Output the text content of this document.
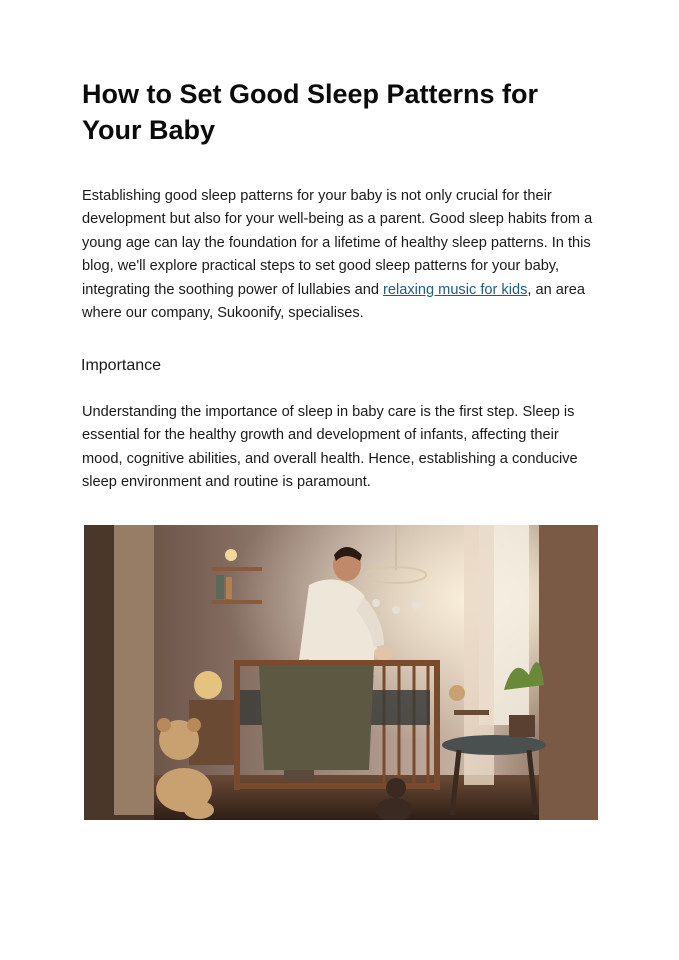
How to Set Good Sleep Patterns for Your Baby

Establishing good sleep patterns for your baby is not only crucial for their development but also for your well-being as a parent. Good sleep habits from a young age can lay the foundation for a lifetime of healthy sleep patterns. In this blog, we'll explore practical steps to set good sleep patterns for your baby, integrating the soothing power of lullabies and relaxing music for kids, an area where our company, Sukoonify, specialises.

Importance

Understanding the importance of sleep in baby care is the first step. Sleep is essential for the healthy growth and development of infants, affecting their mood, cognitive abilities, and overall health. Hence, establishing a conducive sleep environment and routine is paramount.
